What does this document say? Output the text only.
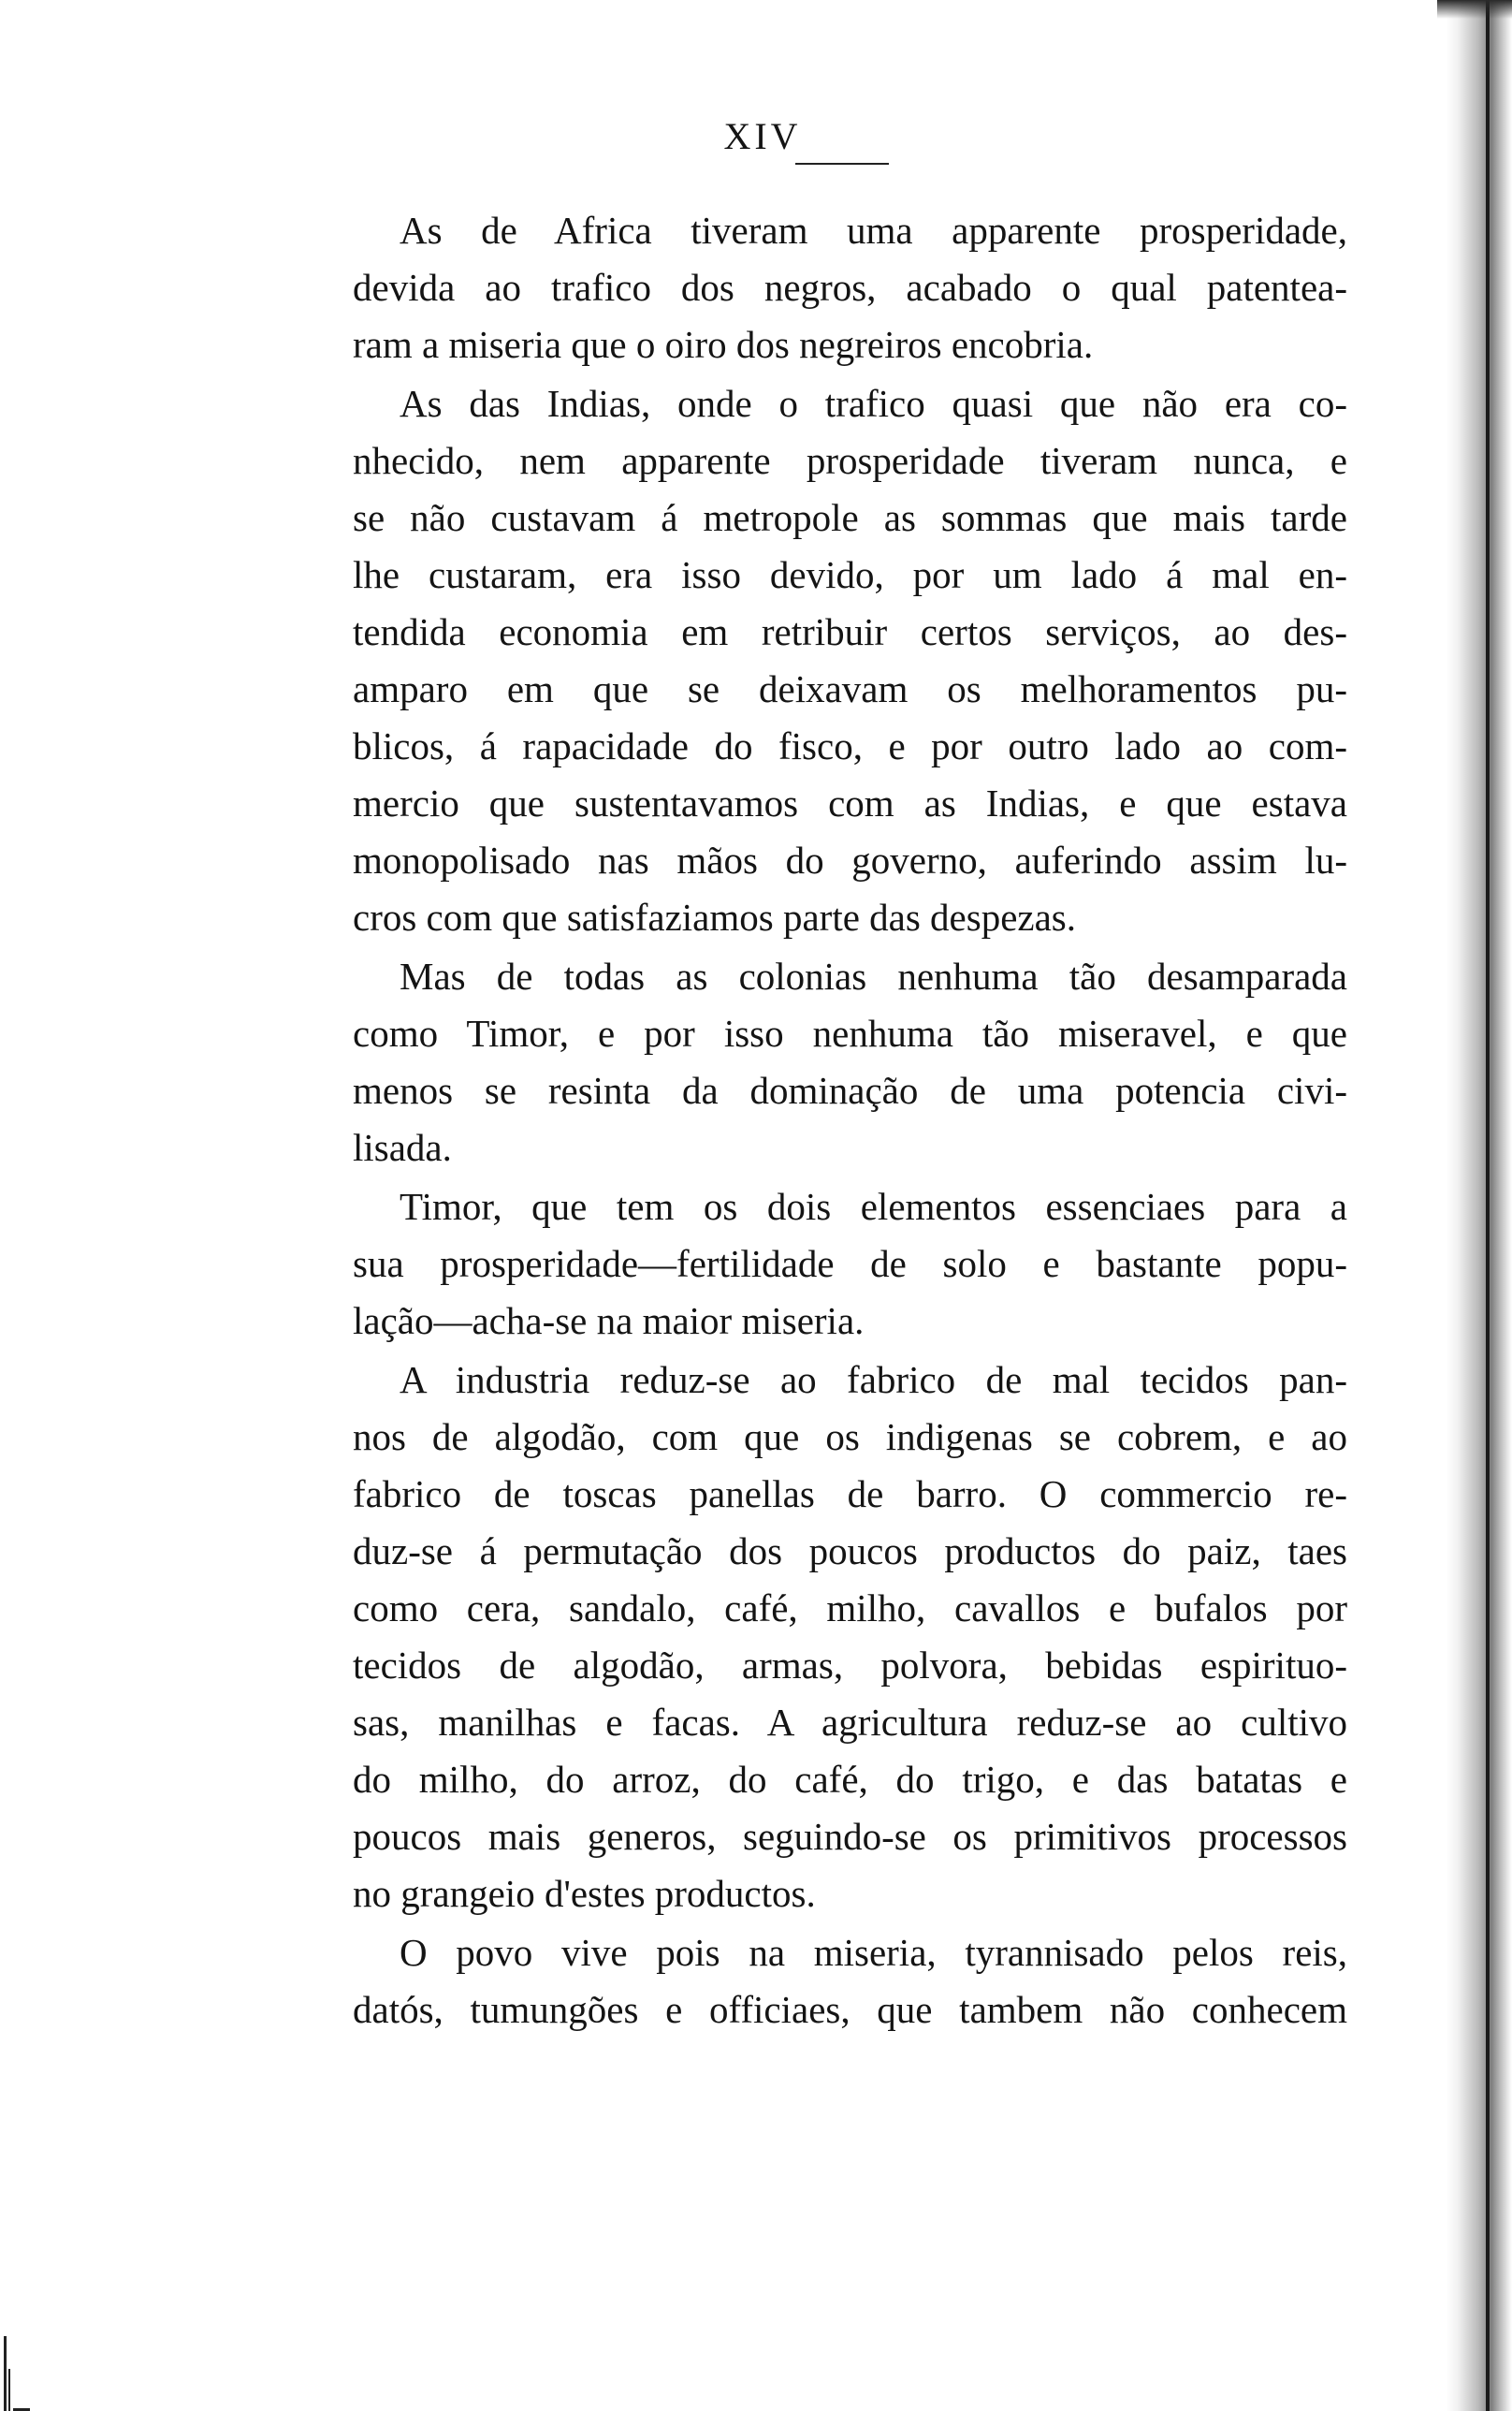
XIV
As de Africa tiveram uma apparente prosperidade,
devida ao trafico dos negros, acabado o qual patentea-
ram a miseria que o oiro dos negreiros encobria.
As das Indias, onde o trafico quasi que não era co-
nhecido, nem apparente prosperidade tiveram nunca, e
se não custavam á metropole as sommas que mais tarde
lhe custaram, era isso devido, por um lado á mal en-
tendida economia em retribuir certos serviços, ao des-
amparo em que se deixavam os melhoramentos pu-
blicos, á rapacidade do fisco, e por outro lado ao com-
mercio que sustentavamos com as Indias, e que estava
monopolisado nas mãos do governo, auferindo assim lu-
cros com que satisfaziamos parte das despezas.
Mas de todas as colonias nenhuma tão desamparada
como Timor, e por isso nenhuma tão miseravel, e que
menos se resinta da dominação de uma potencia civi-
lisada.
Timor, que tem os dois elementos essenciaes para a
sua prosperidade—fertilidade de solo e bastante popu-
lação—acha-se na maior miseria.
A industria reduz-se ao fabrico de mal tecidos pan-
nos de algodão, com que os indigenas se cobrem, e ao
fabrico de toscas panellas de barro. O commercio re-
duz-se á permutação dos poucos productos do paiz, taes
como cera, sandalo, café, milho, cavallos e bufalos por
tecidos de algodão, armas, polvora, bebidas espirituo-
sas, manilhas e facas. A agricultura reduz-se ao cultivo
do milho, do arroz, do café, do trigo, e das batatas e
poucos mais generos, seguindo-se os primitivos processos
no grangeio d'estes productos.
O povo vive pois na miseria, tyrannisado pelos reis,
datós, tumungões e officiaes, que tambem não conhecem
